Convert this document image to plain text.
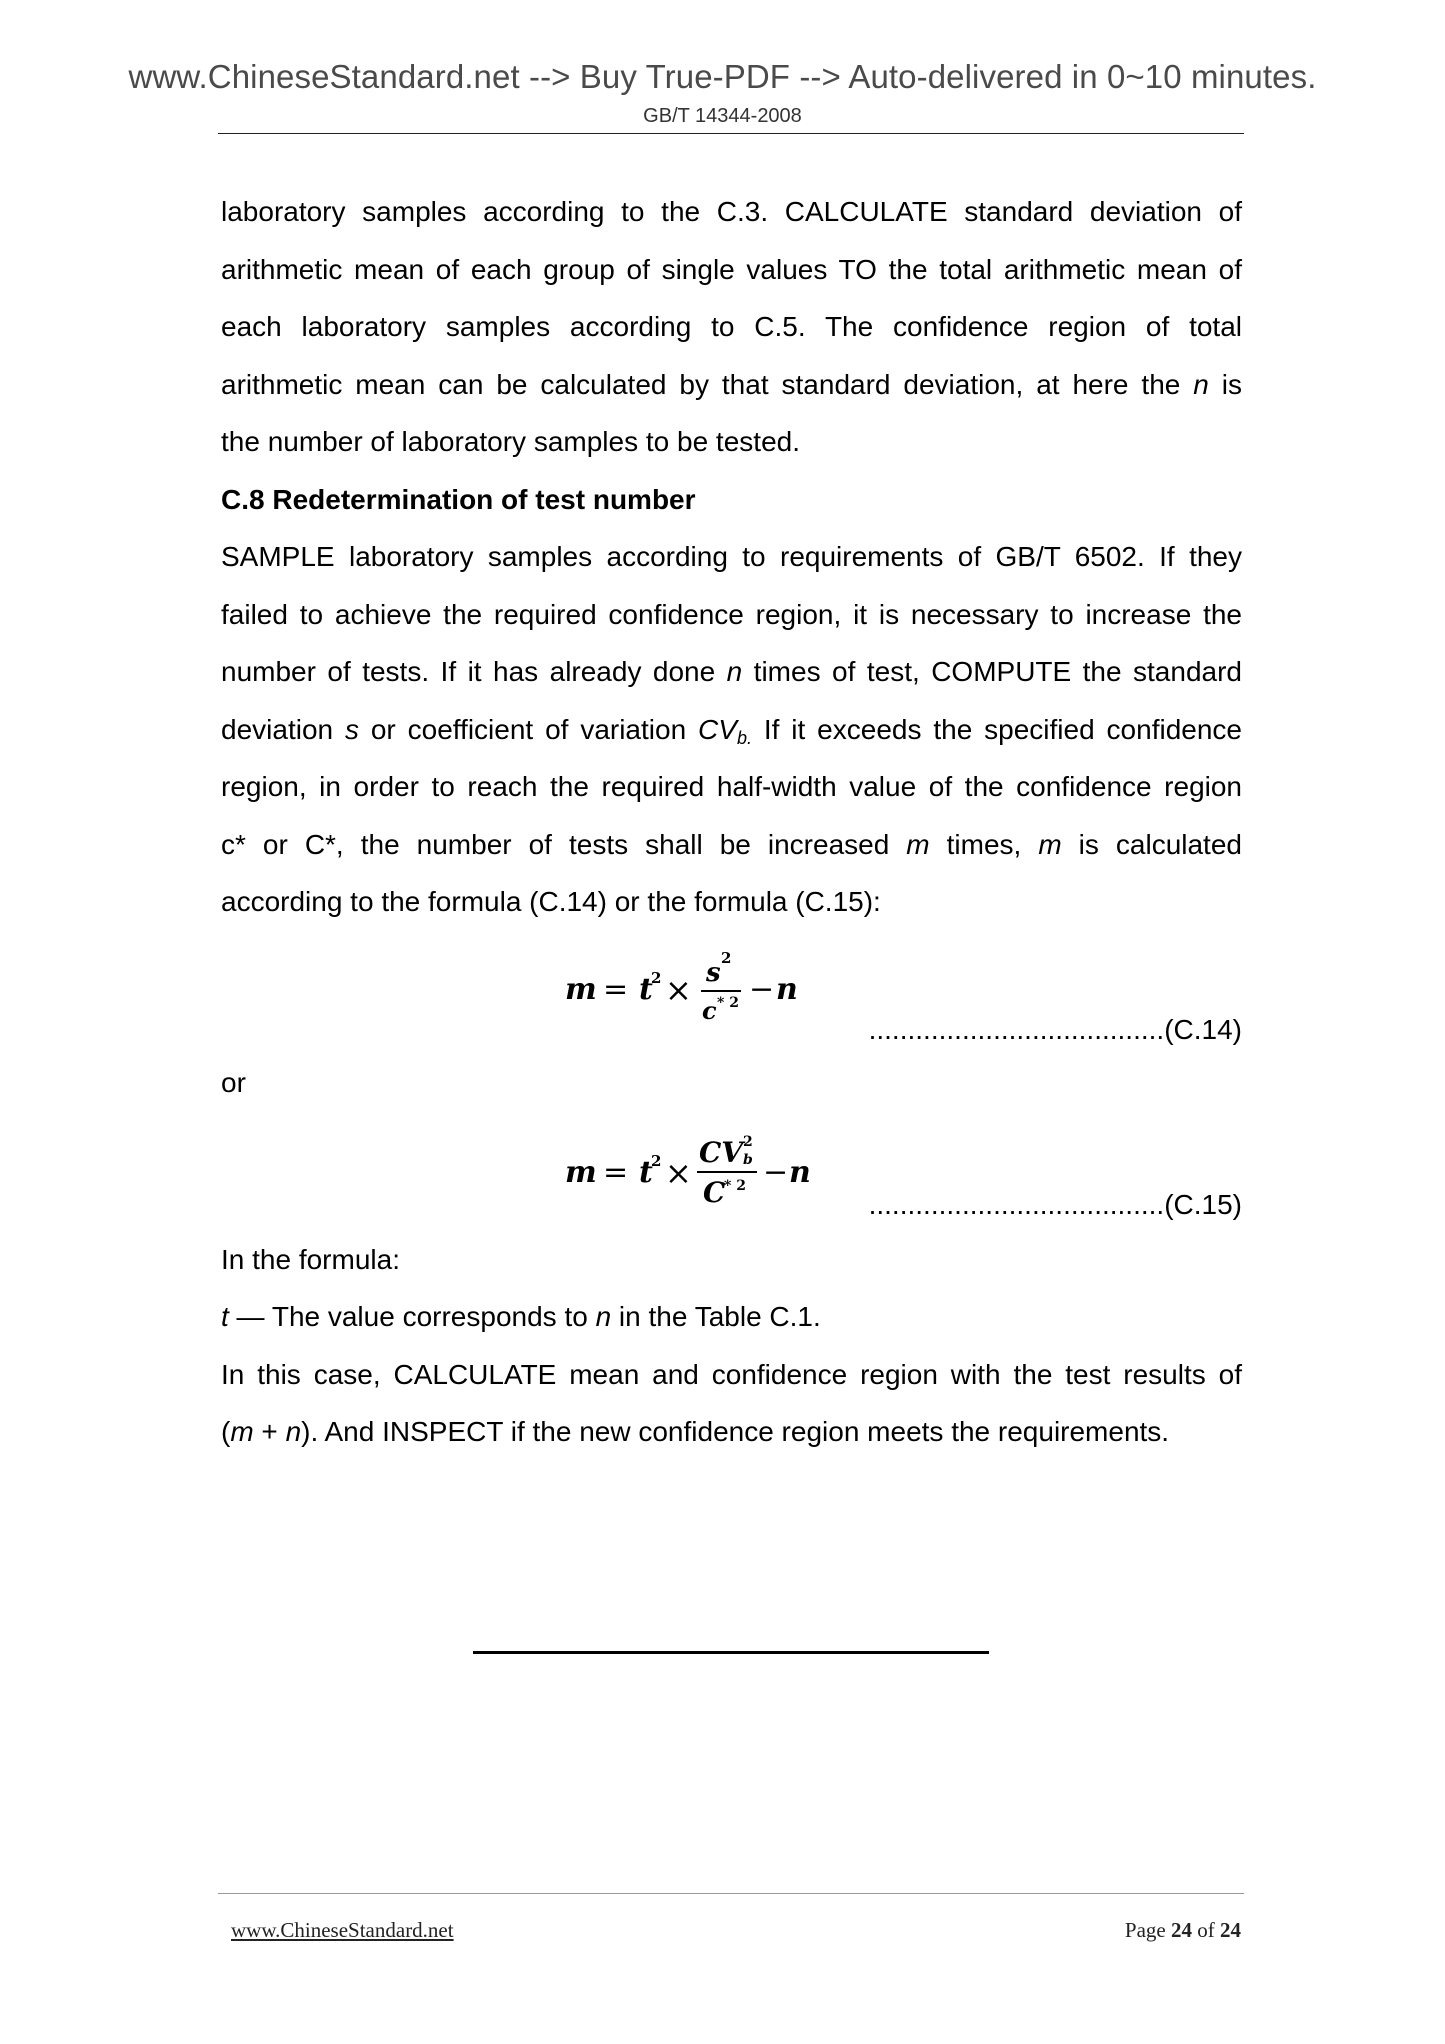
www.ChineseStandard.net --> Buy True-PDF --> Auto-delivered in 0~10 minutes.
GB/T 14344-2008
laboratory samples according to the C.3. CALCULATE standard deviation of
arithmetic mean of each group of single values TO the total arithmetic mean of
each laboratory samples according to C.5. The confidence region of total
arithmetic mean can be calculated by that standard deviation, at here the n is
the number of laboratory samples to be tested.

C.8 Redetermination of test number

SAMPLE laboratory samples according to requirements of GB/T 6502. If they
failed to achieve the required confidence region, it is necessary to increase the
number of tests. If it has already done n times of test, COMPUTE the standard
deviation s or coefficient of variation $CV_{b.}$ If it exceeds the specified confidence
region, in order to reach the required half-width value of the confidence region
c* or C*, the number of tests shall be increased m times, m is calculated
according to the formula (C.14) or the formula (C.15):
m = t
2 × s 2
c * 2 − n
......................................(C.14)

or

m = t
2 ×
CV 2
b
C
* 2 − n
......................................(C.15)

In the formula:

t — The value corresponds to n in the Table C.1.

In this case, CALCULATE mean and confidence region with the test results of
(m + n). And INSPECT if the new confidence region meets the requirements.
www.ChineseStandard.net	Page 24 of 24
